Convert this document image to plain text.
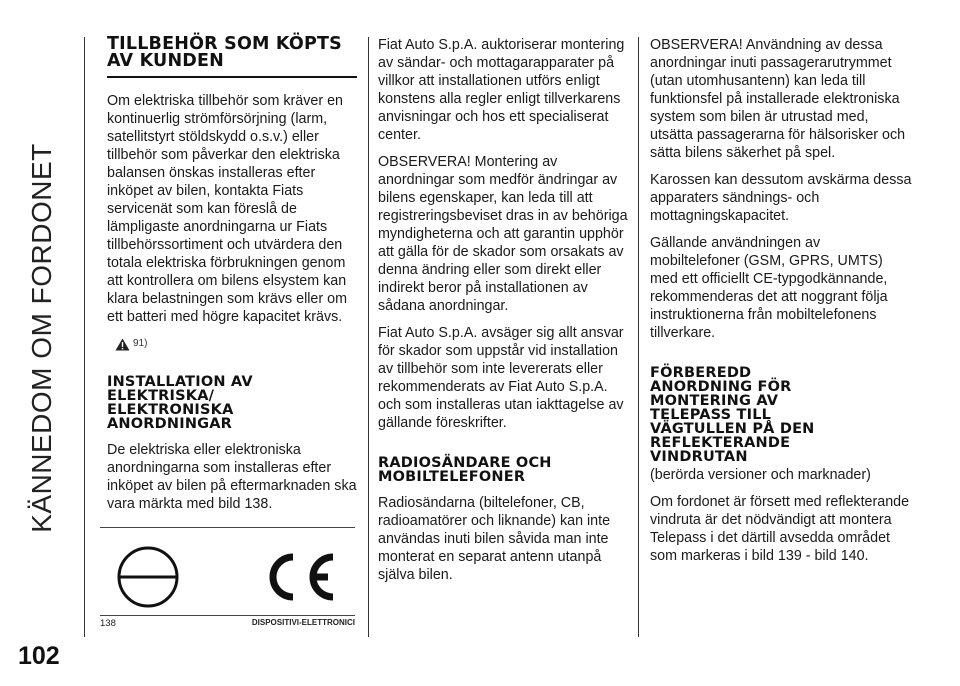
KÄNNEDOM OM FORDONET
102
TILLBEHÖR SOM KÖPTS AV KUNDEN

Om elektriska tillbehör som kräver en kontinuerlig strömförsörjning (larm, satellitstyrt stöldskydd o.s.v.) eller tillbehör som påverkar den elektriska balansen önskas installeras efter inköpet av bilen, kontakta Fiats servicenät som kan föreslå de lämpligaste anordningarna ur Fiats tillbehörssortiment och utvärdera den totala elektriska förbrukningen genom att kontrollera om bilens elsystem kan klara belastningen som krävs eller om ett batteri med högre kapacitet krävs.

91)
INSTALLATION AV ELEKTRISKA/ ELEKTRONISKA ANORDNINGAR

De elektriska eller elektroniska anordningarna som installeras efter inköpet av bilen på eftermarknaden ska vara märkta med bild 138.

138	DISPOSITIVI-ELETTRONICI

Fiat Auto S.p.A. auktoriserar montering av sändar- och mottagarapparater på villkor att installationen utförs enligt konstens alla regler enligt tillverkarens anvisningar och hos ett specialiserat center.

OBSERVERA! Montering av anordningar som medför ändringar av bilens egenskaper, kan leda till att registreringsbeviset dras in av behöriga myndigheterna och att garantin upphör att gälla för de skador som orsakats av denna ändring eller som direkt eller indirekt beror på installationen av sådana anordningar.

Fiat Auto S.p.A. avsäger sig allt ansvar för skador som uppstår vid installation av tillbehör som inte levererats eller rekommenderats av Fiat Auto S.p.A. och som installeras utan iakttagelse av gällande föreskrifter.

RADIOSÄNDARE OCH MOBILTELEFONER

Radiosändarna (biltelefoner, CB, radioamatörer och liknande) kan inte användas inuti bilen såvida man inte monterat en separat antenn utanpå själva bilen.

OBSERVERA! Användning av dessa anordningar inuti passagerarutrymmet (utan utomhusantenn) kan leda till funktionsfel på installerade elektroniska system som bilen är utrustad med, utsätta passagerarna för hälsorisker och sätta bilens säkerhet på spel.

Karossen kan dessutom avskärma dessa apparaters sändnings- och mottagningskapacitet.

Gällande användningen av mobiltelefoner (GSM, GPRS, UMTS) med ett officiellt CE-typgodkännande, rekommenderas det att noggrant följa instruktionerna från mobiltelefonens tillverkare.

FÖRBEREDD ANORDNING FÖR MONTERING AV TELEPASS TILL VÄGTULLEN PÅ DEN REFLEKTERANDE VINDRUTAN

(berörda versioner och marknader)

Om fordonet är försett med reflekterande vindruta är det nödvändigt att montera Telepass i det därtill avsedda området som markeras i bild 139 - bild 140.
